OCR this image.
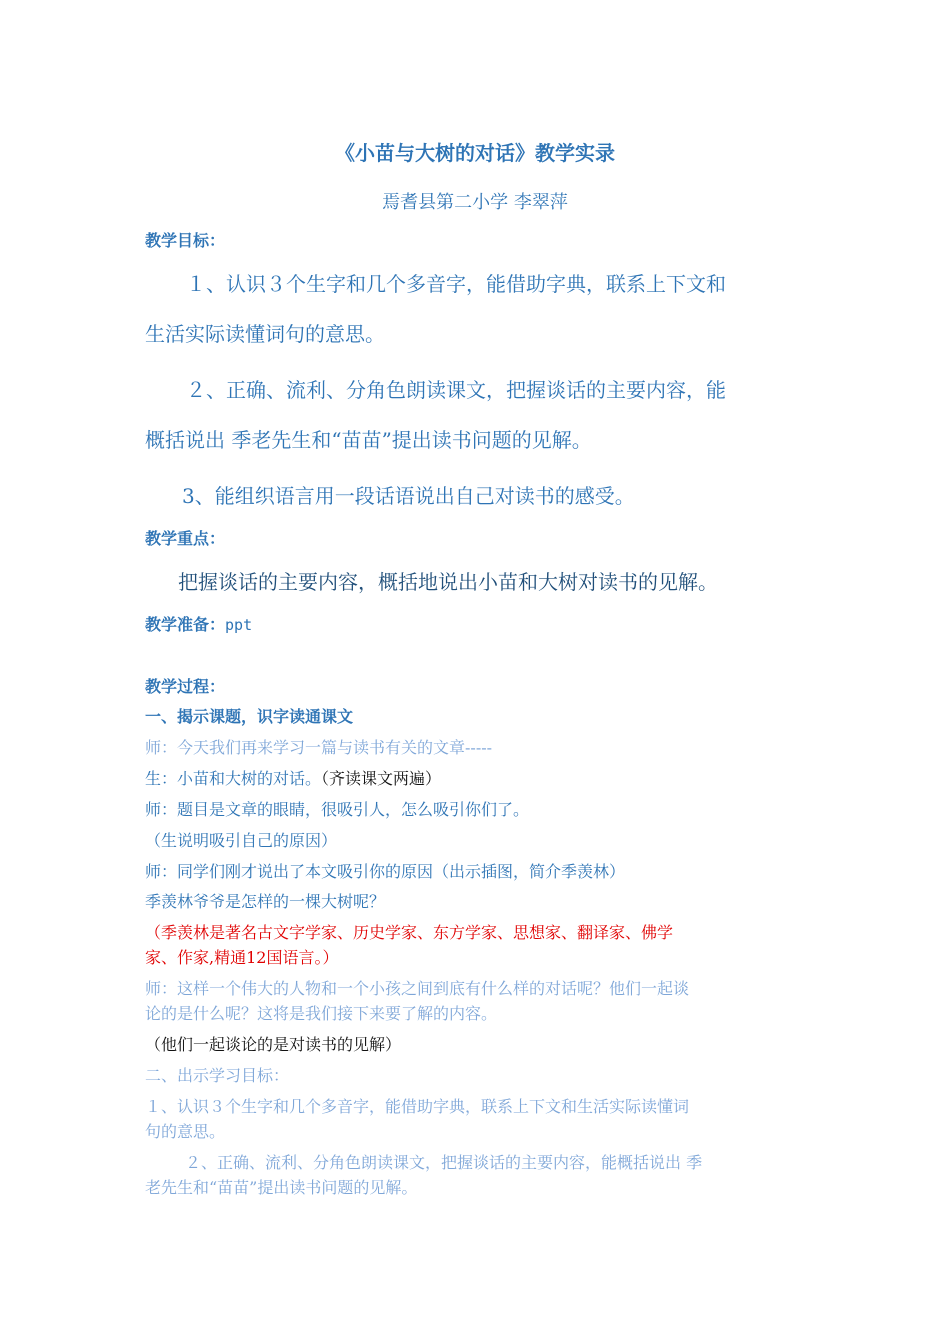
《小苗与大树的对话》教学实录
焉耆县第二小学 李翠萍
教学目标：
１、认识３个生字和几个多音字，能借助字典，联系上下文和
生活实际读懂词句的意思。
２、正确、流利、分角色朗读课文，把握谈话的主要内容，能
概括说出 季老先生和“苗苗”提出读书问题的见解。
3、能组织语言用一段话语说出自己对读书的感受。
教学重点：
把握谈话的主要内容，概括地说出小苗和大树对读书的见解。
教学准备：ppt
教学过程：
一、揭示课题，识字读通课文
师：今天我们再来学习一篇与读书有关的文章-----
生：小苗和大树的对话。（齐读课文两遍）
师：题目是文章的眼睛，很吸引人，怎么吸引你们了。
（生说明吸引自己的原因）
师：同学们刚才说出了本文吸引你的原因（出示插图，简介季羡林）
季羡林爷爷是怎样的一棵大树呢？
（季羡林是著名古文字学家、历史学家、东方学家、思想家、翻译家、佛学
家、作家,精通12国语言。）
师：这样一个伟大的人物和一个小孩之间到底有什么样的对话呢？他们一起谈
论的是什么呢？这将是我们接下来要了解的内容。
（他们一起谈论的是对读书的见解）
二、出示学习目标：
１、认识３个生字和几个多音字，能借助字典，联系上下文和生活实际读懂词
句的意思。
２、正确、流利、分角色朗读课文，把握谈话的主要内容，能概括说出 季
老先生和“苗苗”提出读书问题的见解。
